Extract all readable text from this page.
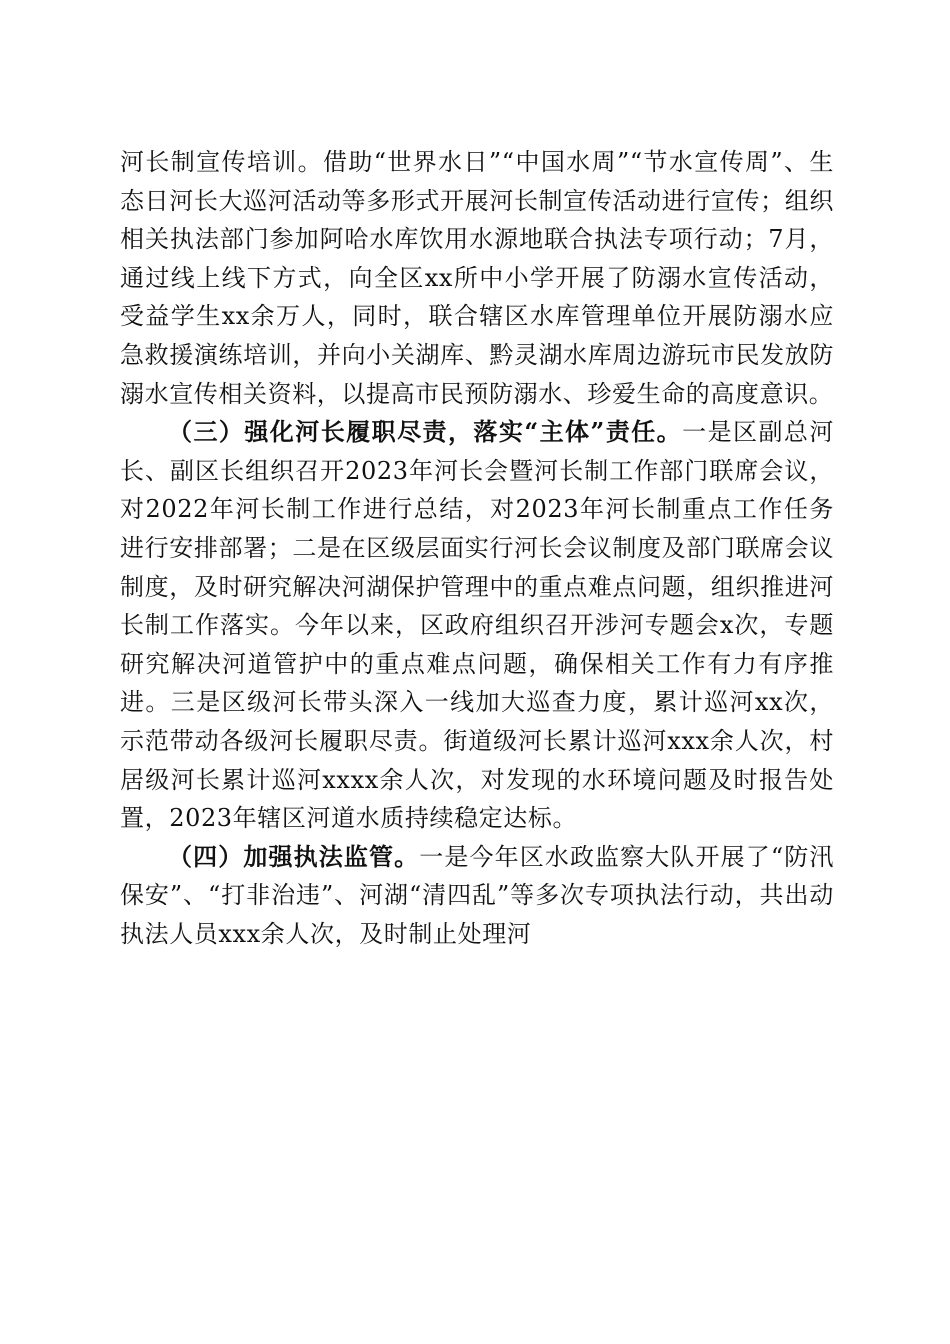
河长制宣传培训。借助“世界水日”“中国水周”“节水宣传周”、生态日河长大巡河活动等多形式开展河长制宣传活动进行宣传；组织相关执法部门参加阿哈水库饮用水源地联合执法专项行动；7月，通过线上线下方式，向全区xx所中小学开展了防溺水宣传活动，受益学生xx余万人，同时，联合辖区水库管理单位开展防溺水应急救援演练培训，并向小关湖库、黔灵湖水库周边游玩市民发放防溺水宣传相关资料，以提高市民预防溺水、珍爱生命的高度意识。

（三）强化河长履职尽责，落实“主体”责任。一是区副总河长、副区长组织召开2023年河长会暨河长制工作部门联席会议，对2022年河长制工作进行总结，对2023年河长制重点工作任务进行安排部署；二是在区级层面实行河长会议制度及部门联席会议制度，及时研究解决河湖保护管理中的重点难点问题，组织推进河长制工作落实。今年以来，区政府组织召开涉河专题会x次，专题研究解决河道管护中的重点难点问题，确保相关工作有力有序推进。三是区级河长带头深入一线加大巡查力度，累计巡河xx次，示范带动各级河长履职尽责。街道级河长累计巡河xxx余人次，村居级河长累计巡河xxxx余人次，对发现的水环境问题及时报告处置，2023年辖区河道水质持续稳定达标。

（四）加强执法监管。一是今年区水政监察大队开展了“防汛保安”、“打非治违”、河湖“清四乱”等多次专项执法行动，共出动执法人员xxx余人次，及时制止处理河
